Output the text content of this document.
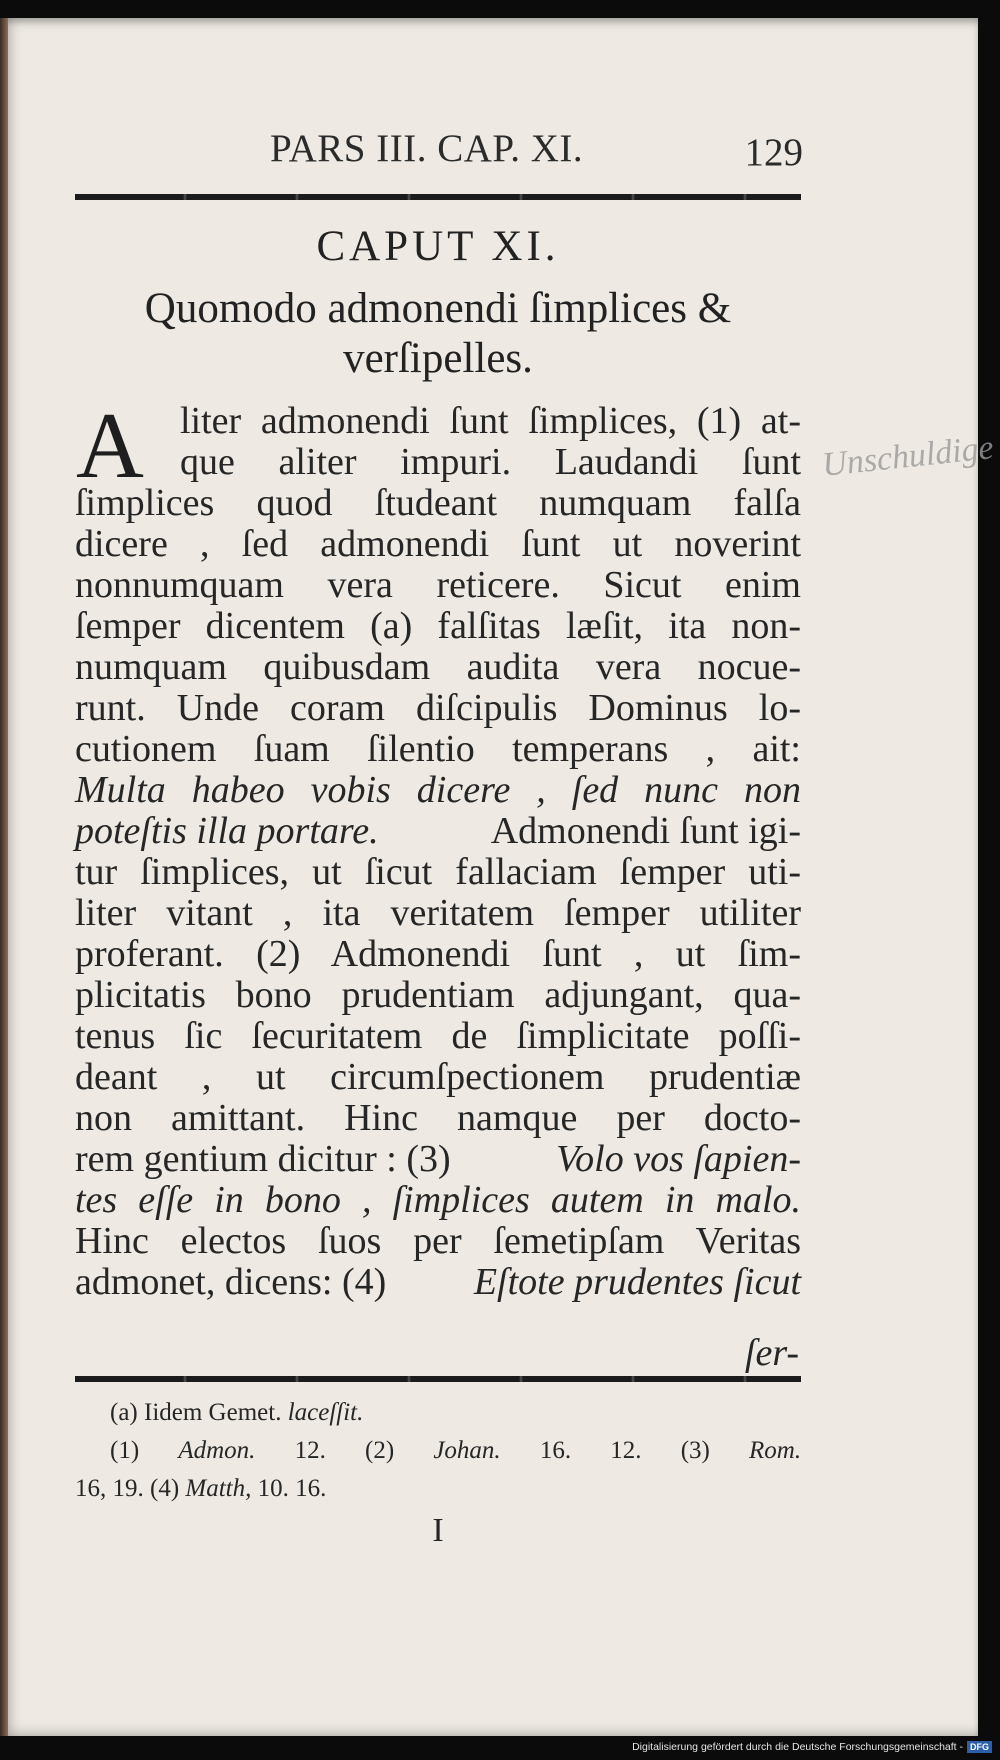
PARS III. CAP. XI.	129
CAPUT XI.
Quomodo admonendi ſimplices &
verſipelles.
A liter admonendi ſunt ſimplices, (1) at-
que aliter impuri. Laudandi ſunt
ſimplices quod ſtudeant numquam falſa
dicere , ſed admonendi ſunt ut noverint
nonnumquam vera reticere. Sicut enim
ſemper dicentem (a) falſitas læſit, ita non-
numquam quibusdam audita vera nocue-
runt. Unde coram diſcipulis Dominus lo-
cutionem ſuam ſilentio temperans , ait:
Multa habeo vobis dicere , ſed nunc non
poteſtis illa portare.	Admonendi ſunt igi-
tur ſimplices, ut ſicut fallaciam ſemper uti-
liter vitant , ita veritatem ſemper utiliter
proferant. (2) Admonendi ſunt , ut ſim-
plicitatis bono prudentiam adjungant, qua-
tenus ſic ſecuritatem de ſimplicitate poſſi-
deant , ut circumſpectionem prudentiæ
non amittant. Hinc namque per docto-
rem gentium dicitur : (3)	Volo vos ſapien-
tes eſſe in bono , ſimplices autem in malo.
Hinc electos ſuos per ſemetipſam Veritas
admonet, dicens: (4) Eſtote prudentes ſicut
ſer-
(a) Iidem Gemet. laceſſit.
(1) Admon. 12. (2) Johan. 16. 12. (3) Rom.
16, 19. (4) Matth, 10. 16.
I
Unschuldige
Digitalisierung gefördert durch die Deutsche Forschungsgemeinschaft - DFG
